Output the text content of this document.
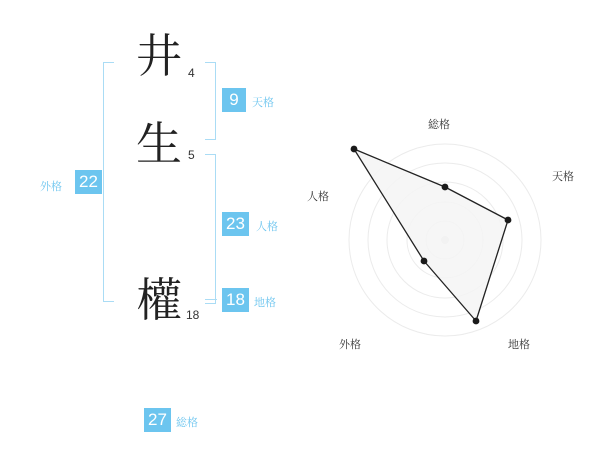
井 4
生 5
權 18
9	天格
23	人格
18 地格
外格 22
27 総格
総格
天格
地格
外格
人格
